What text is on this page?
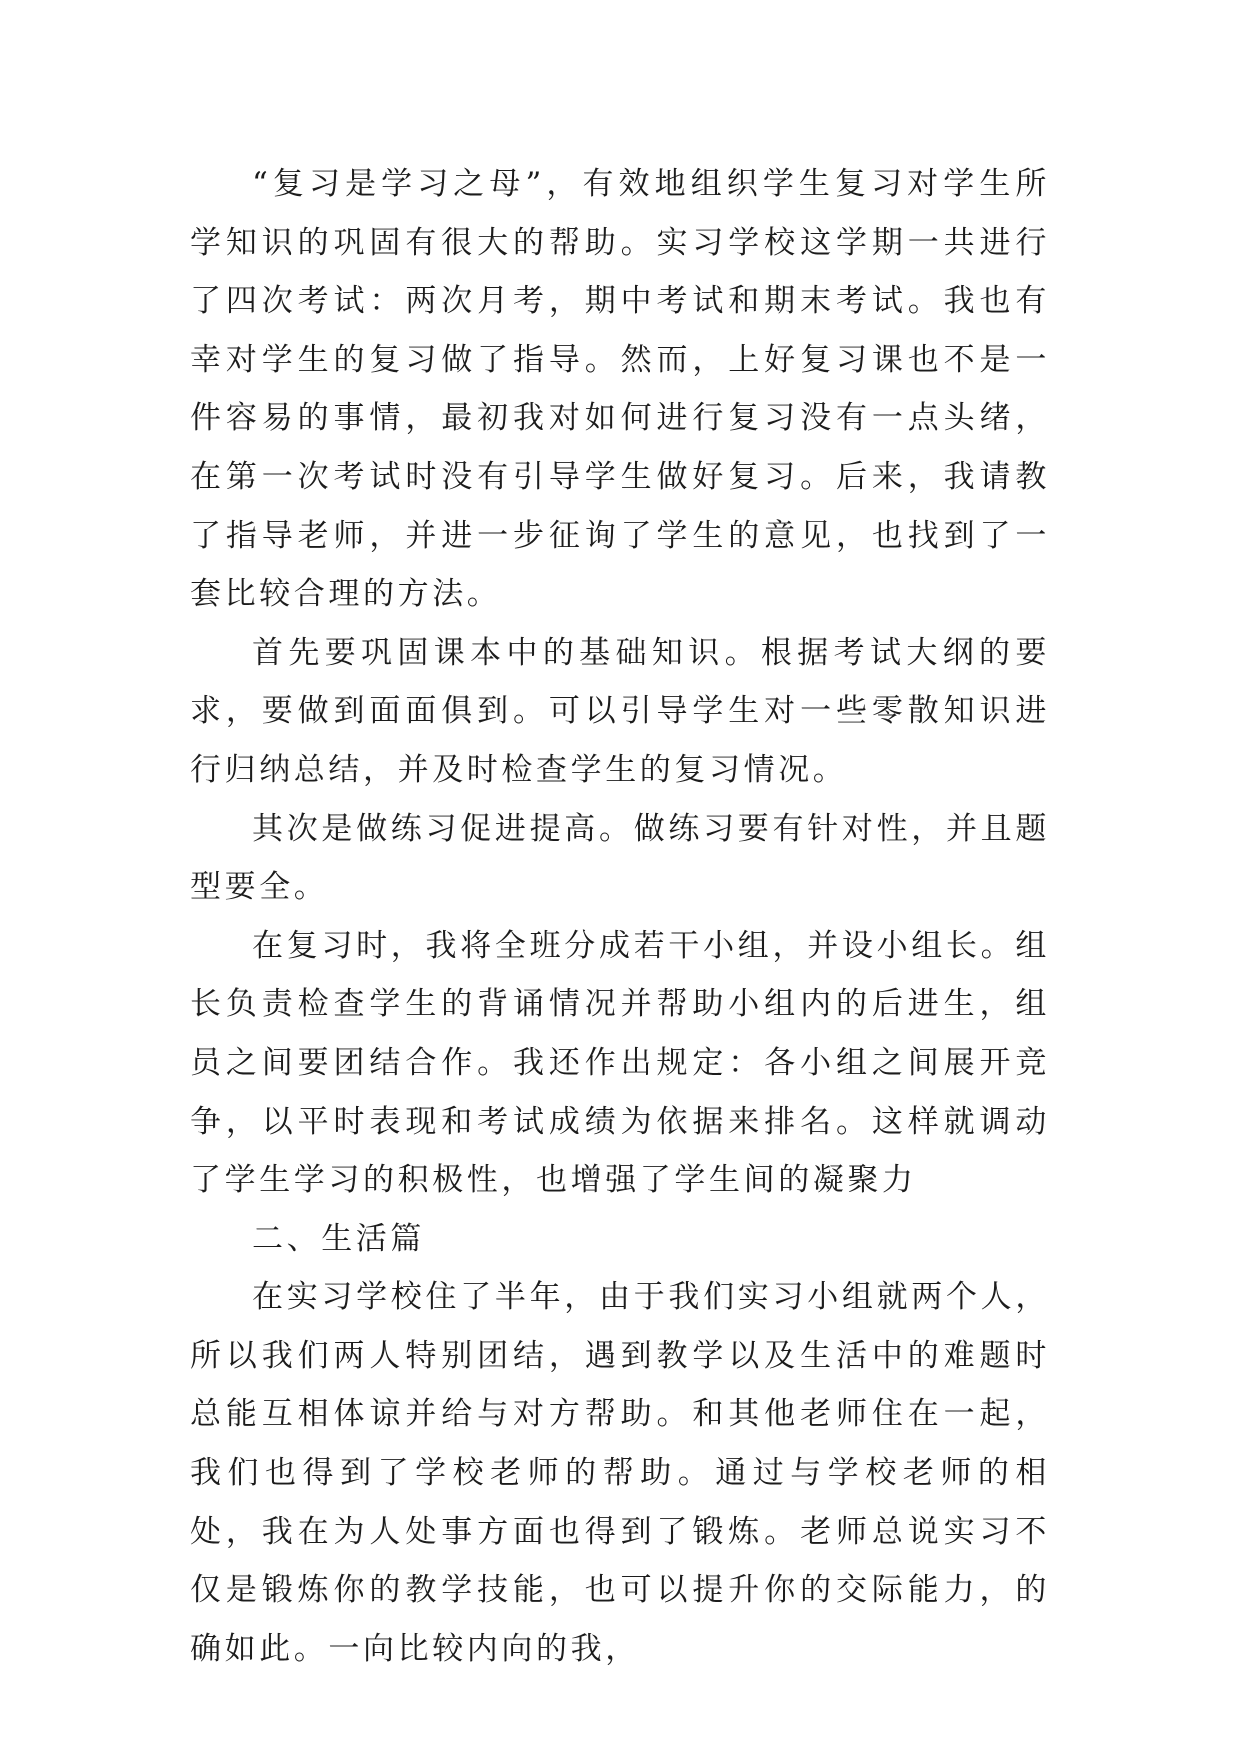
“复习是学习之母”，有效地组织学生复习对学生所学知识的巩固有很大的帮助。实习学校这学期一共进行了四次考试：两次月考，期中考试和期末考试。我也有幸对学生的复习做了指导。然而，上好复习课也不是一件容易的事情，最初我对如何进行复习没有一点头绪，在第一次考试时没有引导学生做好复习。后来，我请教了指导老师，并进一步征询了学生的意见，也找到了一套比较合理的方法。

首先要巩固课本中的基础知识。根据考试大纲的要求，要做到面面俱到。可以引导学生对一些零散知识进行归纳总结，并及时检查学生的复习情况。

其次是做练习促进提高。做练习要有针对性，并且题型要全。

在复习时，我将全班分成若干小组，并设小组长。组长负责检查学生的背诵情况并帮助小组内的后进生，组员之间要团结合作。我还作出规定：各小组之间展开竞争，以平时表现和考试成绩为依据来排名。这样就调动了学生学习的积极性，也增强了学生间的凝聚力

二、生活篇

在实习学校住了半年，由于我们实习小组就两个人，所以我们两人特别团结，遇到教学以及生活中的难题时总能互相体谅并给与对方帮助。和其他老师住在一起，我们也得到了学校老师的帮助。通过与学校老师的相处，我在为人处事方面也得到了锻炼。老师总说实习不仅是锻炼你的教学技能，也可以提升你的交际能力，的确如此。一向比较内向的我，
